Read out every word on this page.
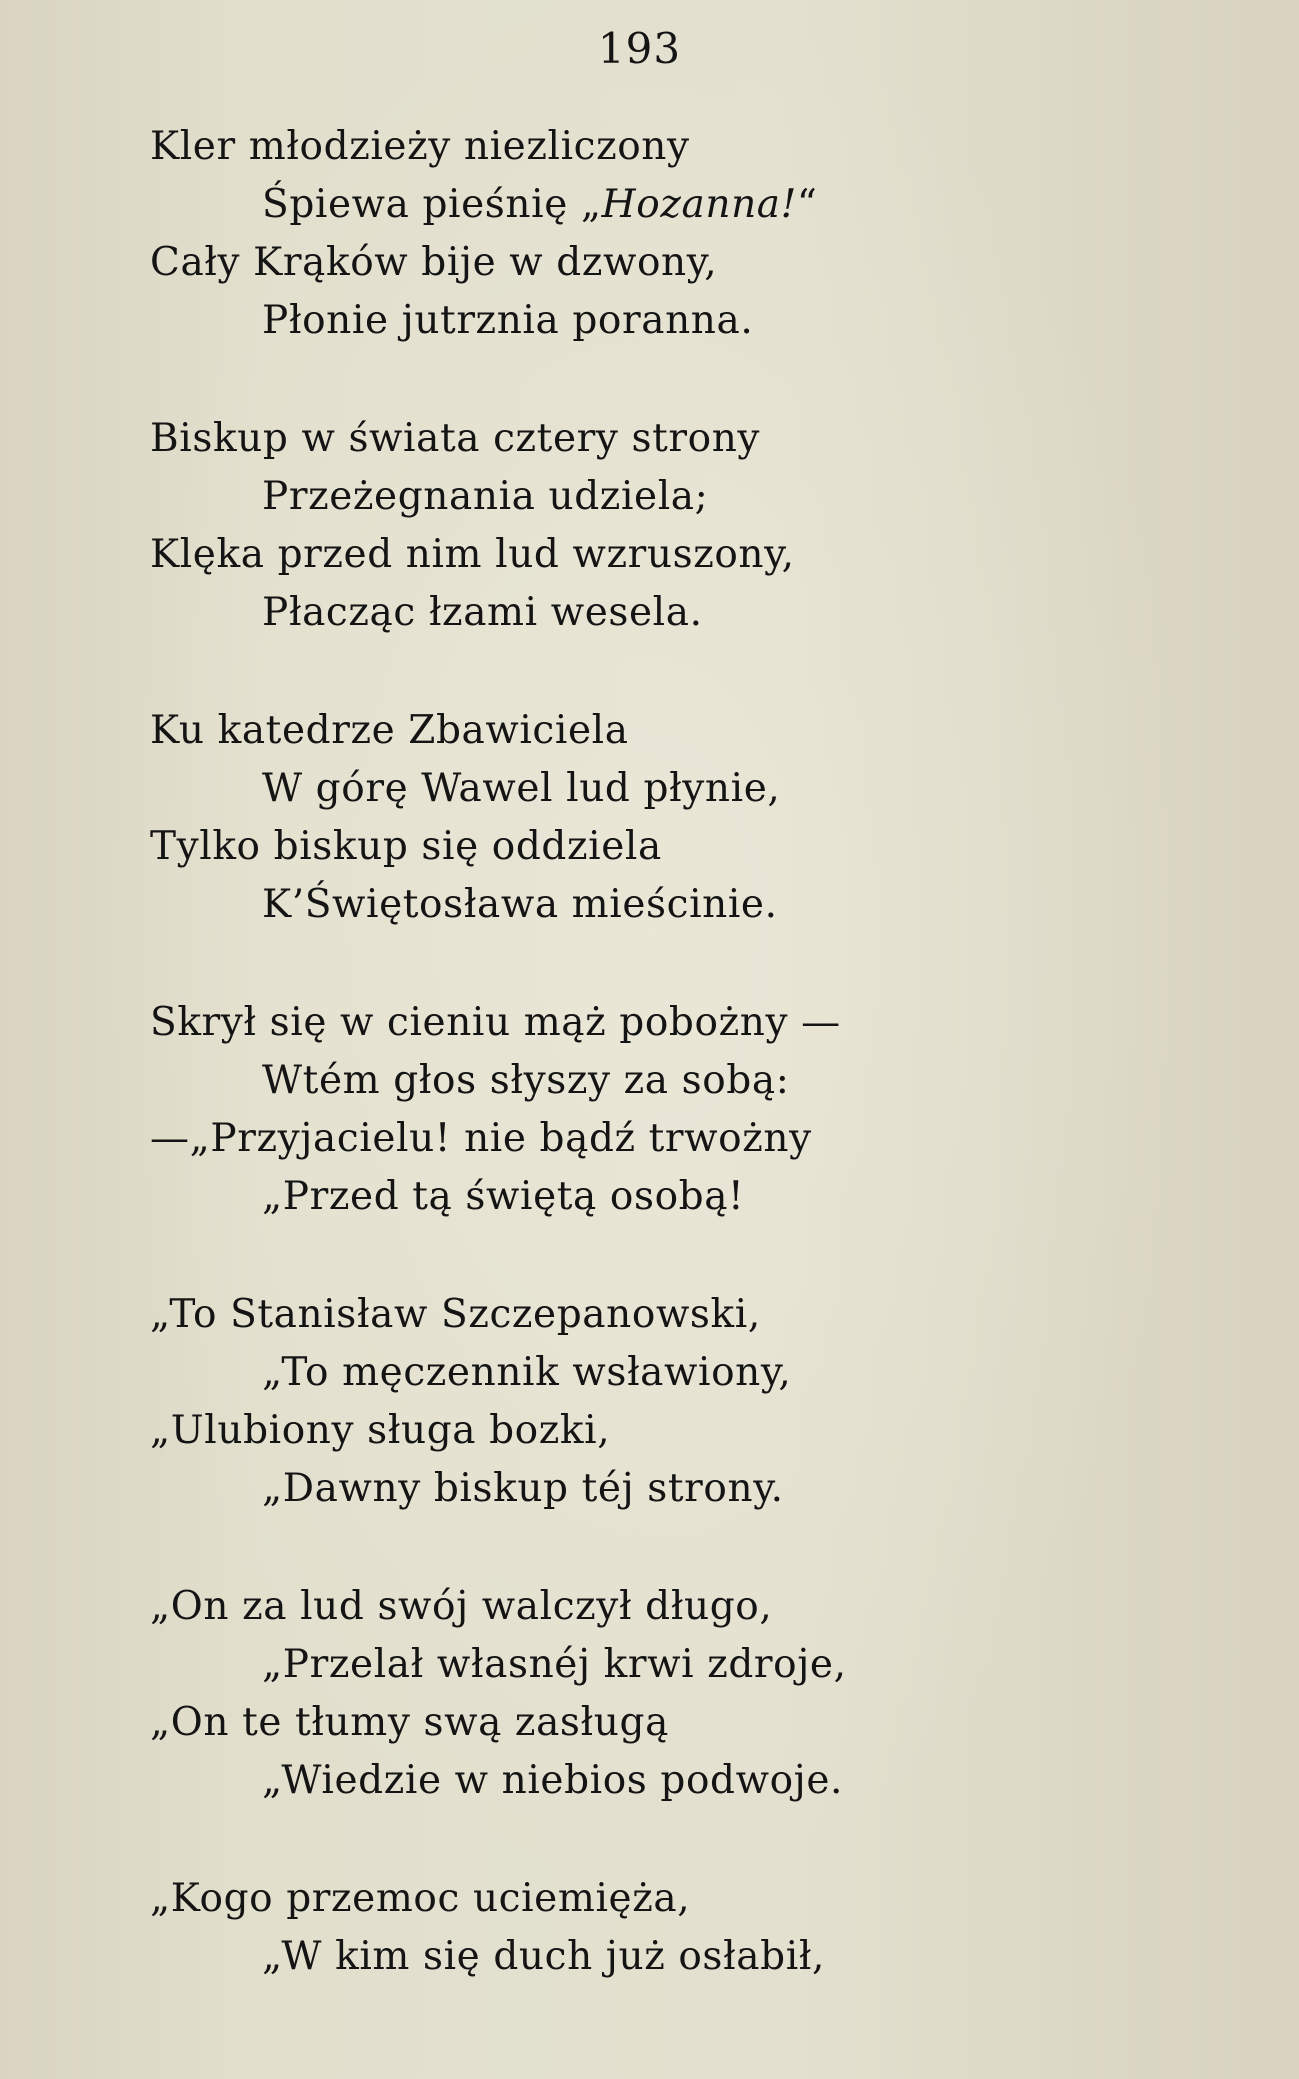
193
Kler młodzieży niezliczony
Śpiewa pieśnię „Hozanna!“
Cały Krąków bije w dzwony,
Płonie jutrznia poranna.
Biskup w świata cztery strony
Przeżegnania udziela;
Klęka przed nim lud wzruszony,
Płacząc łzami wesela.
Ku katedrze Zbawiciela
W górę Wawel lud płynie,
Tylko biskup się oddziela
K’Świętosława mieścinie.
Skrył się w cieniu mąż pobożny —
Wtém głos słyszy za sobą:
—„Przyjacielu! nie bądź trwożny
„Przed tą świętą osobą!
„To Stanisław Szczepanowski,
„To męczennik wsławiony,
„Ulubiony sługa bozki,
„Dawny biskup téj strony.
„On za lud swój walczył długo,
„Przelał własnéj krwi zdroje,
„On te tłumy swą zasługą
„Wiedzie w niebios podwoje.
„Kogo przemoc uciemięża,
„W kim się duch już osłabił,
